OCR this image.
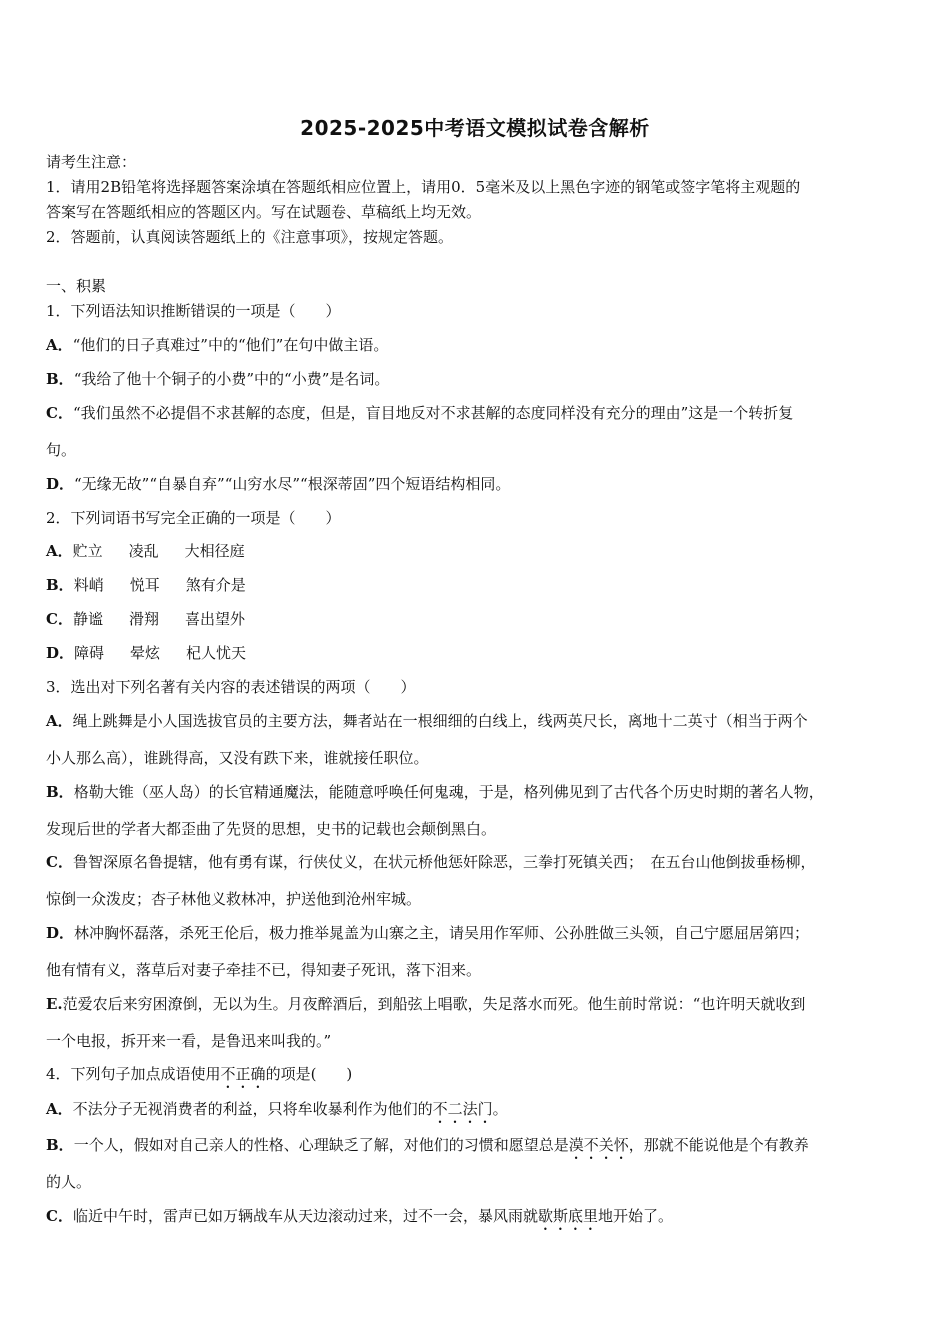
2025-2025中考语文模拟试卷含解析
请考生注意：
1．请用2B铅笔将选择题答案涂填在答题纸相应位置上，请用0．5毫米及以上黑色字迹的钢笔或签字笔将主观题的
答案写在答题纸相应的答题区内。写在试题卷、草稿纸上均无效。
2．答题前，认真阅读答题纸上的《注意事项》，按规定答题。
一、积累
1．下列语法知识推断错误的一项是（　　）
A．“他们的日子真难过”中的“他们”在句中做主语。
B．“我给了他十个铜子的小费”中的“小费”是名词。
C．“我们虽然不必提倡不求甚解的态度，但是，盲目地反对不求甚解的态度同样没有充分的理由”这是一个转折复
句。
D．“无缘无故”“自暴自弃”“山穷水尽”“根深蒂固”四个短语结构相同。
2．下列词语书写完全正确的一项是（　　）
A．贮立 凌乱 大相径庭
B．料峭 悦耳 煞有介是
C．静谧 滑翔 喜出望外
D．障碍 晕炫 杞人忧天
3．选出对下列名著有关内容的表述错误的两项（　　）
A．绳上跳舞是小人国选拔官员的主要方法，舞者站在一根细细的白线上，线两英尺长，离地十二英寸（相当于两个
小人那么高），谁跳得高，又没有跌下来，谁就接任职位。
B．格勒大锥（巫人岛）的长官精通魔法，能随意呼唤任何鬼魂，于是，格列佛见到了古代各个历史时期的著名人物，
发现后世的学者大都歪曲了先贤的思想，史书的记载也会颠倒黑白。
C．鲁智深原名鲁提辖，他有勇有谋，行侠仗义，在状元桥他惩奸除恶，三拳打死镇关西；　在五台山他倒拔垂杨柳，
惊倒一众泼皮；杏子林他义救林冲，护送他到沧州牢城。
D．林冲胸怀磊落，杀死王伦后，极力推举晁盖为山寨之主，请吴用作军师、公孙胜做三头领，自己宁愿屈居第四；
他有情有义，落草后对妻子牵挂不已，得知妻子死讯，落下泪来。
E.范爱农后来穷困潦倒，无以为生。月夜醉酒后，到船弦上唱歌，失足落水而死。他生前时常说：“也许明天就收到
一个电报，拆开来一看，是鲁迅来叫我的。”
4．下列句子加点成语使用不正确的项是(　　)
A．不法分子无视消费者的利益，只将牟收暴利作为他们的不二法门。
B．一个人，假如对自己亲人的性格、心理缺乏了解，对他们的习惯和愿望总是漠不关怀，那就不能说他是个有教养
的人。
C．临近中午时，雷声已如万辆战车从天边滚动过来，过不一会，暴风雨就歇斯底里地开始了。
